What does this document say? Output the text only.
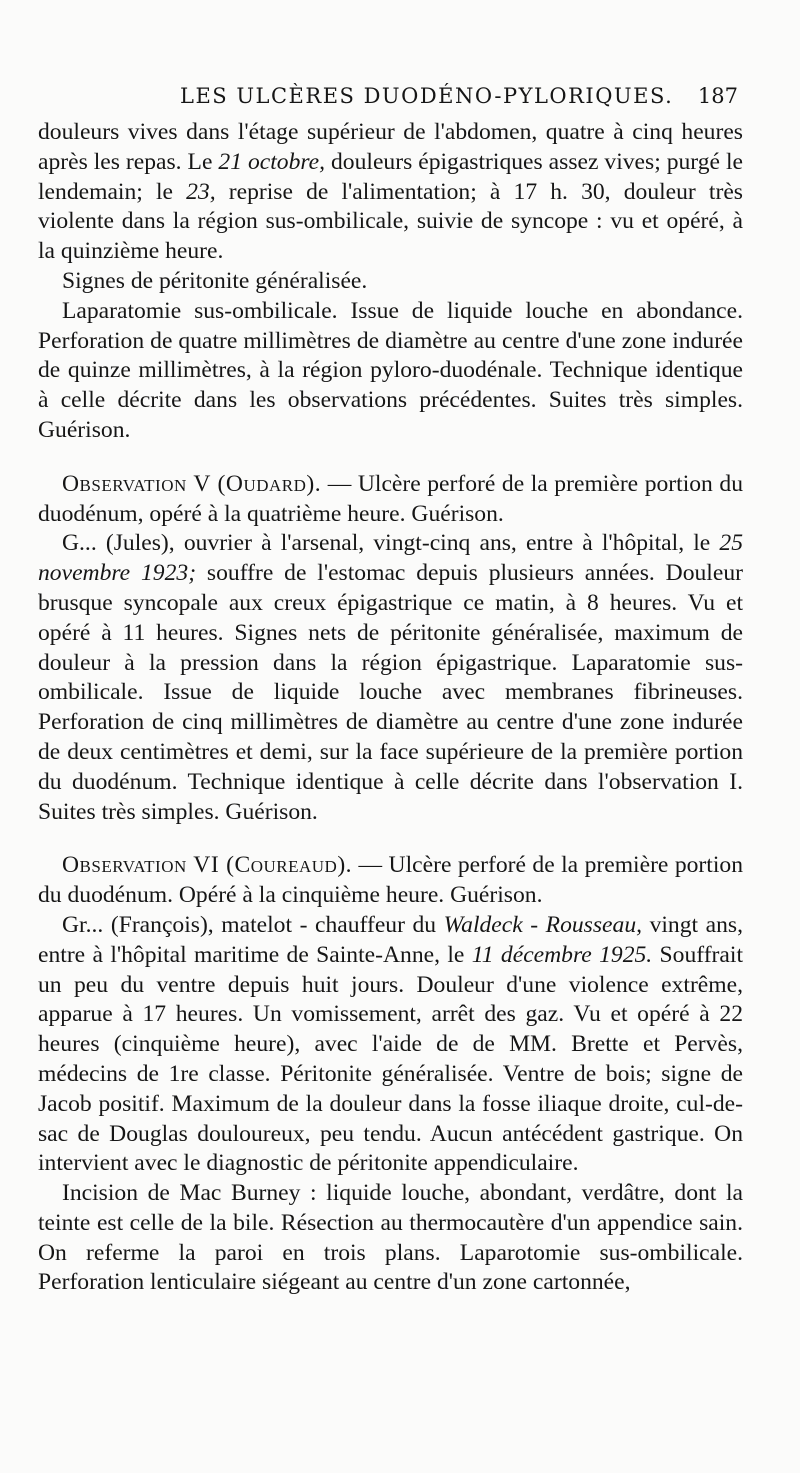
LES ULCÈRES DUODÉNO-PYLORIQUES. 187

douleurs vives dans l'étage supérieur de l'abdomen, quatre à cinq heures après les repas. Le 21 octobre, douleurs épigastriques assez vives; purgé le lendemain; le 23, reprise de l'alimentation; à 17 h. 30, douleur très violente dans la région sus-ombilicale, suivie de syncope : vu et opéré, à la quinzième heure.

Signes de péritonite généralisée.

Laparatomie sus-ombilicale. Issue de liquide louche en abondance. Perforation de quatre millimètres de diamètre au centre d'une zone indurée de quinze millimètres, à la région pyloro-duodénale. Technique identique à celle décrite dans les observations précédentes. Suites très simples. Guérison.

Observation V (Oudard). — Ulcère perforé de la première portion du duodénum, opéré à la quatrième heure. Guérison.

G... (Jules), ouvrier à l'arsenal, vingt-cinq ans, entre à l'hôpital, le 25 novembre 1923; souffre de l'estomac depuis plusieurs années. Douleur brusque syncopale aux creux épigastrique ce matin, à 8 heures. Vu et opéré à 11 heures. Signes nets de péritonite généralisée, maximum de douleur à la pression dans la région épigastrique. Laparatomie sus-ombilicale. Issue de liquide louche avec membranes fibrineuses. Perforation de cinq millimètres de diamètre au centre d'une zone indurée de deux centimètres et demi, sur la face supérieure de la première portion du duodénum. Technique identique à celle décrite dans l'observation I. Suites très simples. Guérison.

Observation VI (Coureaud). — Ulcère perforé de la première portion du duodénum. Opéré à la cinquième heure. Guérison.

Gr... (François), matelot - chauffeur du Waldeck - Rousseau, vingt ans, entre à l'hôpital maritime de Sainte-Anne, le 11 décembre 1925. Souffrait un peu du ventre depuis huit jours. Douleur d'une violence extrême, apparue à 17 heures. Un vomissement, arrêt des gaz. Vu et opéré à 22 heures (cinquième heure), avec l'aide de de MM. Brette et Pervès, médecins de 1re classe. Péritonite généralisée. Ventre de bois; signe de Jacob positif. Maximum de la douleur dans la fosse iliaque droite, cul-de-sac de Douglas douloureux, peu tendu. Aucun antécédent gastrique. On intervient avec le diagnostic de péritonite appendiculaire.

Incision de Mac Burney : liquide louche, abondant, verdâtre, dont la teinte est celle de la bile. Résection au thermocautère d'un appendice sain. On referme la paroi en trois plans. Laparotomie sus-ombilicale. Perforation lenticulaire siégeant au centre d'un zone cartonnée,
